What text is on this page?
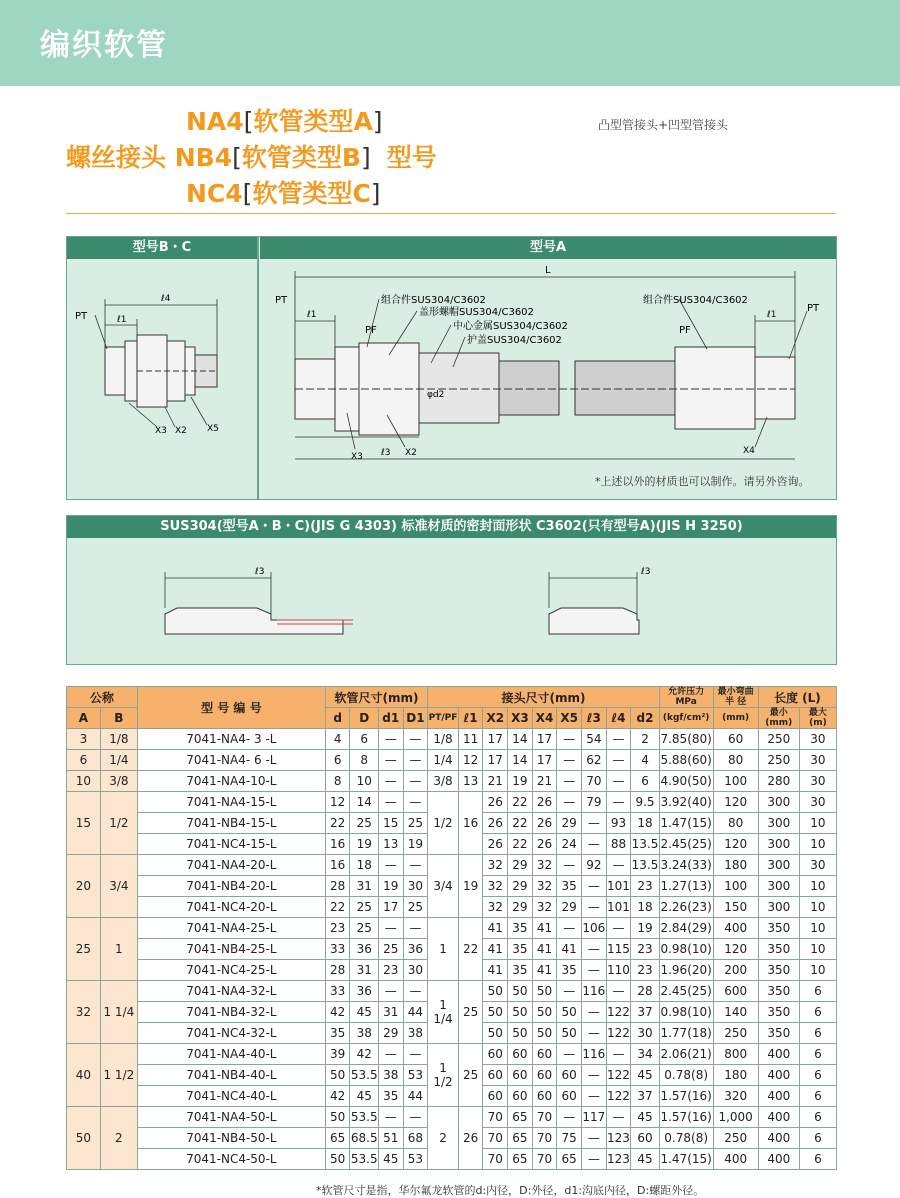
编织软管
NA4[软管类型A]
螺丝接头 NB4[软管类型B] 型号
NC4[软管类型C]
凸型管接头+凹型管接头
型号B・C	型号A
ℓ4
ℓ1
PT
X3 X2 X5
L
PT
PT
ℓ1	ℓ1
PF	PF
组合件SUS304/C3602
盖形螺帽SUS304/C3602
中心金属SUS304/C3602
护盖SUS304/C3602
组合件SUS304/C3602
φd2
X3 ℓ3 X2	X4
*上述以外的材质也可以制作。请另外咨询。
SUS304(型号A・B・C)(JIS G 4303) 标准材质的密封面形状 C3602(只有型号A)(JIS H 3250)
ℓ3	ℓ3
公称		型 号 编 号	软管尺寸(mm)				接头尺寸(mm)									允许压力
MPa	最小弯曲
半 径	长度 (L)	
A	B		d	D	d1	D1	PT/PF	ℓ1	X2	X3	X4	X5	ℓ3	ℓ4	d2	(kgf/cm²)	(mm)	最小(mm)	最大 (m)
3	1/8	7041-NA4- 3 -L	4	6	—	—	1/8	11	17	14	17	—	54	—	2	7.85(80)	60	250	30
6	1/4	7041-NA4- 6 -L	6	8	—	—	1/4	12	17	14	17	—	62	—	4	5.88(60)	80	250	30
10	3/8	7041-NA4-10-L	8	10	—	—	3/8	13	21	19	21	—	70	—	6	4.90(50)	100	280	30
15	1/2	7041-NA4-15-L	12	14	—	—	1/2	16	26	22	26	—	79	—	9.5	3.92(40)	120	300	30
		7041-NB4-15-L	22	25	15	25			26	22	26	29	—	93	18	1.47(15)	80	300	10
		7041-NC4-15-L	16	19	13	19			26	22	26	24	—	88	13.5	2.45(25)	120	300	10
20	3/4	7041-NA4-20-L	16	18	—	—	3/4	19	32	29	32	—	92	—	13.5	3.24(33)	180	300	30
		7041-NB4-20-L	28	31	19	30			32	29	32	35	—	101	23	1.27(13)	100	300	10
		7041-NC4-20-L	22	25	17	25			32	29	32	29	—	101	18	2.26(23)	150	300	10
25	1	7041-NA4-25-L	23	25	—	—	1	22	41	35	41	—	106	—	19	2.84(29)	400	350	10
		7041-NB4-25-L	33	36	25	36			41	35	41	41	—	115	23	0.98(10)	120	350	10
		7041-NC4-25-L	28	31	23	30			41	35	41	35	—	110	23	1.96(20)	200	350	10
32	1 1/4	7041-NA4-32-L	33	36	—	—	1 1/4	25	50	50	50	—	116	—	28	2.45(25)	600	350	6
		7041-NB4-32-L	42	45	31	44			50	50	50	50	—	122	37	0.98(10)	140	350	6
		7041-NC4-32-L	35	38	29	38			50	50	50	50	—	122	30	1.77(18)	250	350	6
40	1 1/2	7041-NA4-40-L	39	42	—	—	1 1/2	25	60	60	60	—	116	—	34	2.06(21)	800	400	6
		7041-NB4-40-L	50	53.5	38	53			60	60	60	60	—	122	45	0.78(8)	180	400	6
		7041-NC4-40-L	42	45	35	44			60	60	60	60	—	122	37	1.57(16)	320	400	6
50	2	7041-NA4-50-L	50	53.5	—	—	2	26	70	65	70	—	117	—	45	1.57(16)	1,000	400	6
		7041-NB4-50-L	65	68.5	51	68			70	65	70	75	—	123	60	0.78(8)	250	400	6
		7041-NC4-50-L	50	53.5	45	53			70	65	70	65	—	123	45	1.47(15)	400	400	6
*软管尺寸是指，华尔氟龙软管的d:内径，D:外径，d1:沟底内径，D:螺距外径。
